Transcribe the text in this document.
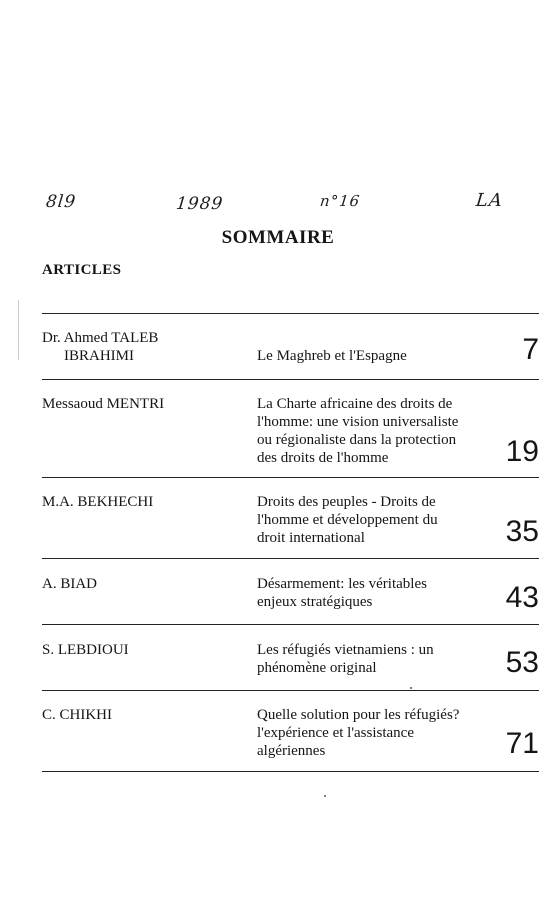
8l9	1989	n°16	LA
SOMMAIRE
ARTICLES
Dr. Ahmed TALEB
IBRAHIMI	Le Maghreb et l'Espagne	7
Messaoud MENTRI	La Charte africaine des droits de
l'homme: une vision universaliste
ou régionaliste dans la protection
des droits de l'homme	19
M.A. BEKHECHI	Droits des peuples - Droits de
l'homme et développement du
droit international	35
A. BIAD	Désarmement: les véritables
enjeux stratégiques	43
S. LEBDIOUI	Les réfugiés vietnamiens : un
phénomène original	53
C. CHIKHI	Quelle solution pour les réfugiés?
l'expérience et l'assistance
algériennes	71
